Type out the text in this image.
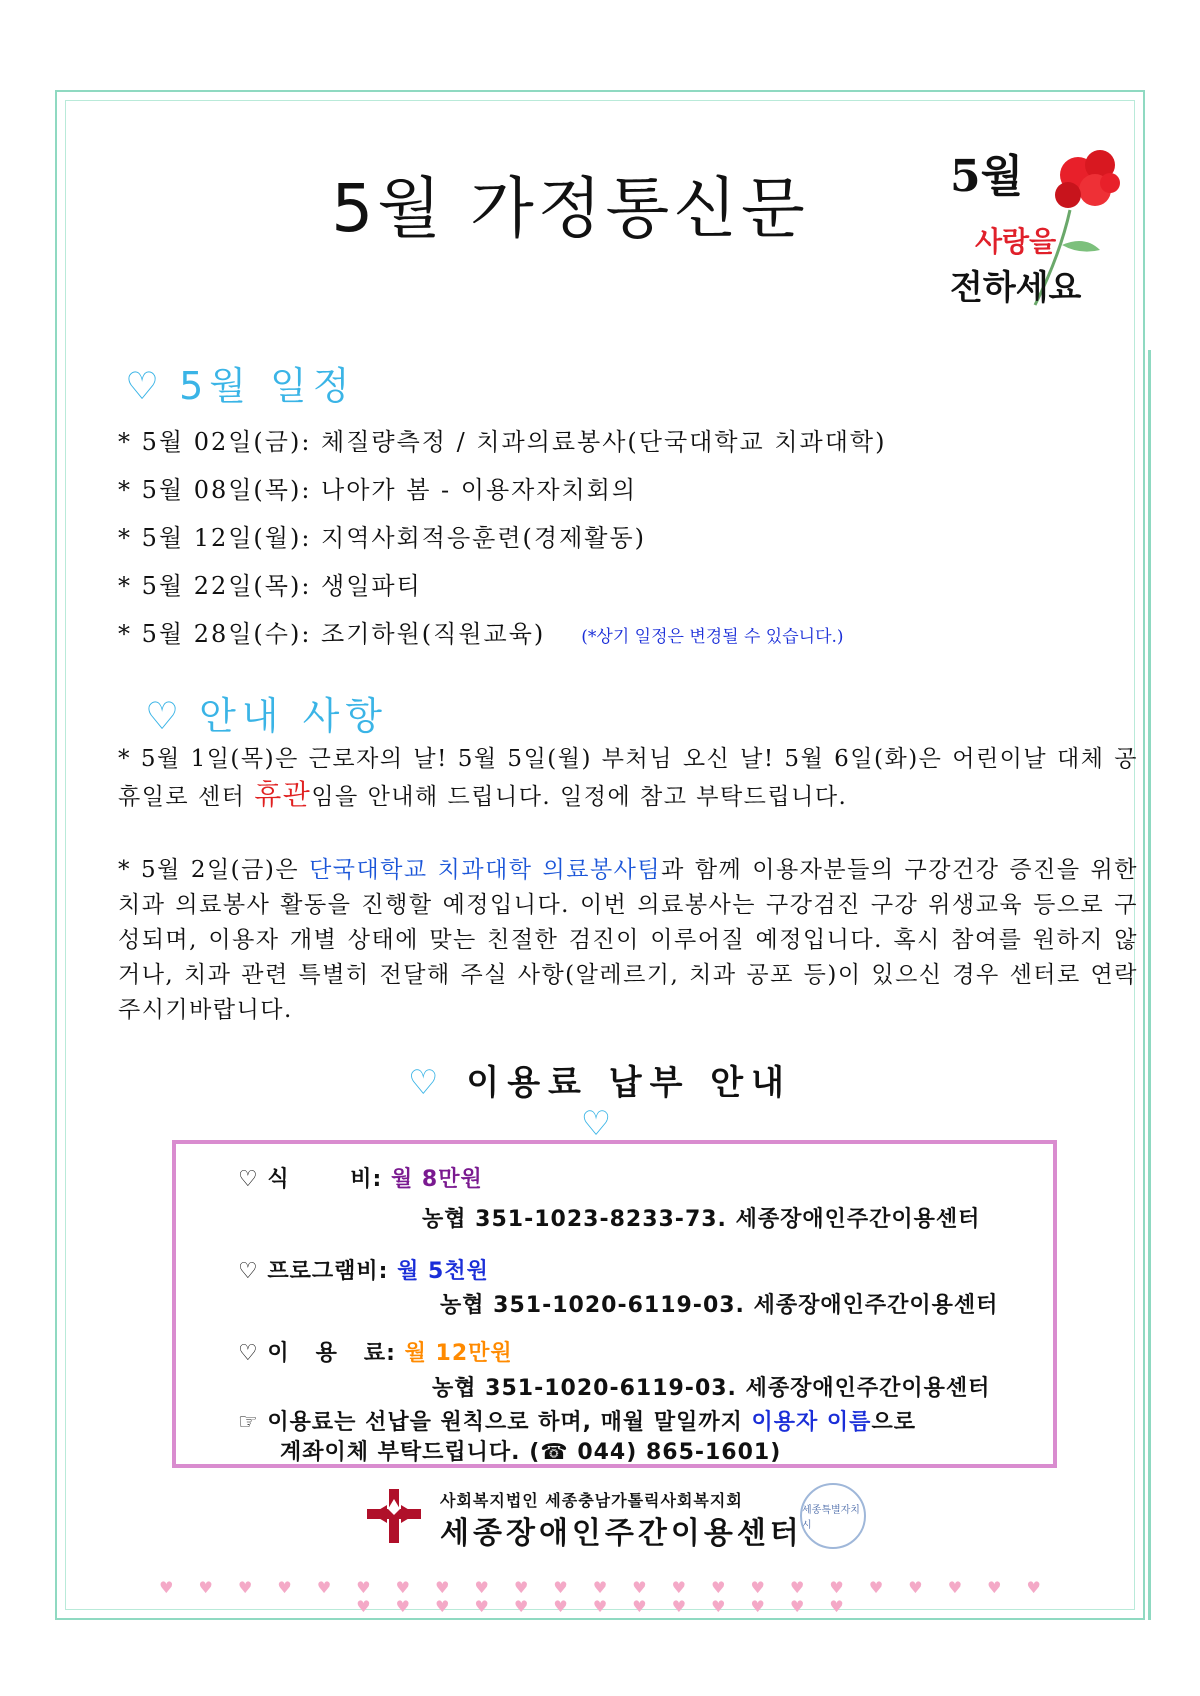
5월 가정통신문	5월
사랑을
전하세요
♡ 5월 일정
* 5월 02일(금): 체질량측정 / 치과의료봉사(단국대학교 치과대학)
* 5월 08일(목): 나아가 봄 - 이용자자치회의
* 5월 12일(월): 지역사회적응훈련(경제활동)
* 5월 22일(목): 생일파티
* 5월 28일(수): 조기하원(직원교육) (*상기 일정은 변경될 수 있습니다.)
♡ 안내 사항
* 5월 1일(목)은 근로자의 날! 5월 5일(월) 부처님 오신 날! 5월 6일(화)은 어린이날 대체 공휴일로 센터 휴관임을 안내해 드립니다. 일정에 참고 부탁드립니다.
* 5월 2일(금)은 단국대학교 치과대학 의료봉사팀과 함께 이용자분들의 구강건강 증진을 위한 치과 의료봉사 활동을 진행할 예정입니다. 이번 의료봉사는 구강검진 구강 위생교육 등으로 구성되며, 이용자 개별 상태에 맞는 친절한 검진이 이루어질 예정입니다. 혹시 참여를 원하지 않거나, 치과 관련 특별히 전달해 주실 사항(알레르기, 치과 공포 등)이 있으신 경우 센터로 연락 주시기바랍니다.
♡ 이용료 납부 안내 ♡
♡ 식       비: 월 8만원
농협 351-1023-8233-73. 세종장애인주간이용센터
♡ 프로그램비: 월 5천원
농협 351-1020-6119-03. 세종장애인주간이용센터
♡ 이   용   료: 월 12만원
농협 351-1020-6119-03. 세종장애인주간이용센터
☞ 이용료는 선납을 원칙으로 하며, 매월 말일까지 이용자 이름으로
계좌이체 부탁드립니다. (☎ 044) 865-1601)
사회복지법인 세종충남가톨릭사회복지회
세종장애인주간이용센터
세종특별자치시
♥ ♥ ♥ ♥ ♥ ♥ ♥ ♥ ♥ ♥ ♥ ♥ ♥ ♥ ♥ ♥ ♥ ♥ ♥ ♥ ♥ ♥ ♥ ♥ ♥ ♥ ♥ ♥ ♥ ♥ ♥ ♥ ♥ ♥ ♥ ♥
